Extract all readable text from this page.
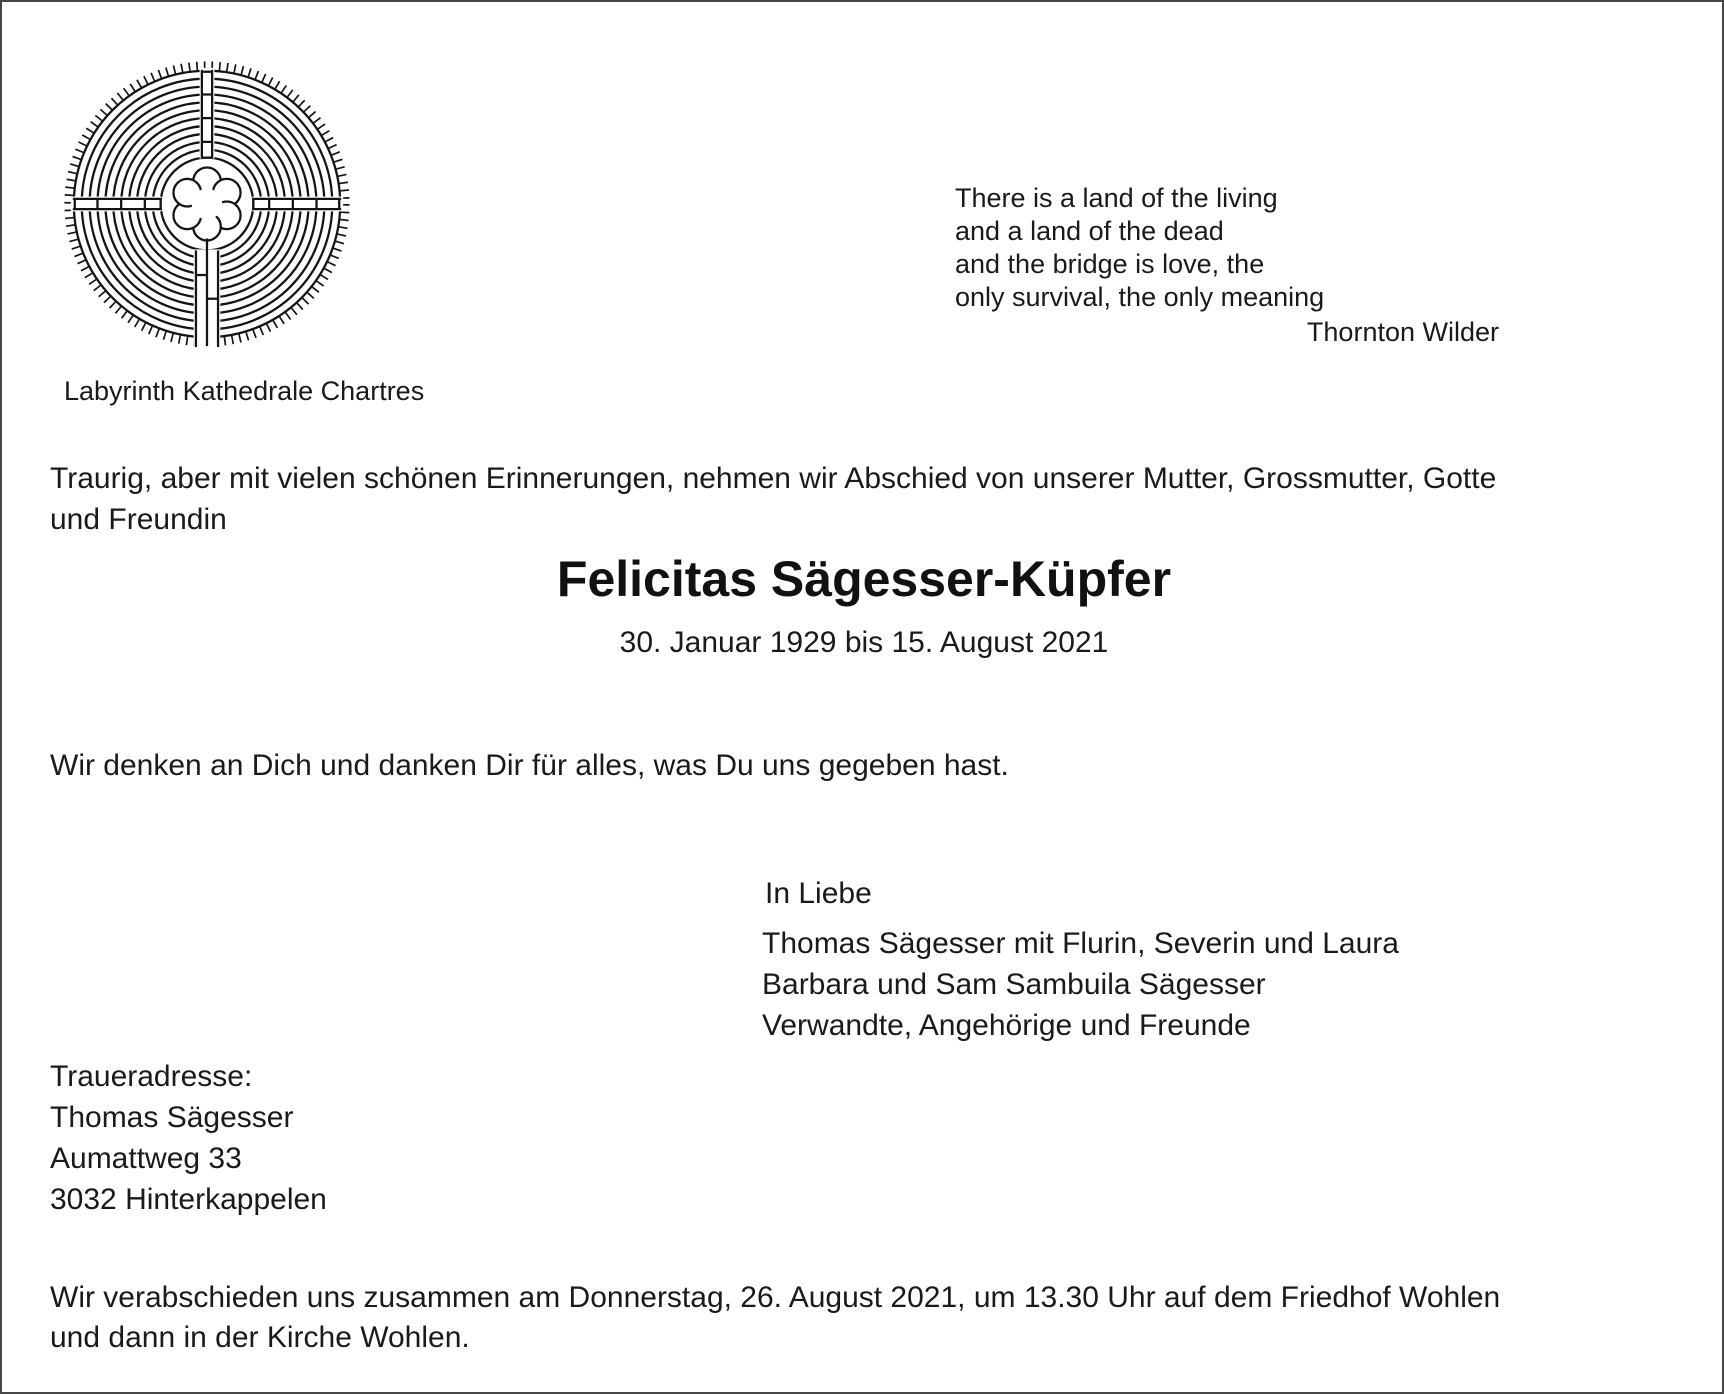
Labyrinth Kathedrale Chartres
There is a land of the living
and a land of the dead
and the bridge is love, the
only survival, the only meaning
Thornton Wilder
Traurig, aber mit vielen schönen Erinnerungen, nehmen wir Abschied von unserer Mutter, Grossmutter, Gotte
und Freundin
Felicitas Sägesser-Küpfer
30. Januar 1929 bis 15. August 2021
Wir denken an Dich und danken Dir für alles, was Du uns gegeben hast.
In Liebe
Thomas Sägesser mit Flurin, Severin und Laura
Barbara und Sam Sambuila Sägesser
Verwandte, Angehörige und Freunde
Traueradresse:
Thomas Sägesser
Aumattweg 33
3032 Hinterkappelen
Wir verabschieden uns zusammen am Donnerstag, 26. August 2021, um 13.30 Uhr auf dem Friedhof Wohlen
und dann in der Kirche Wohlen.
